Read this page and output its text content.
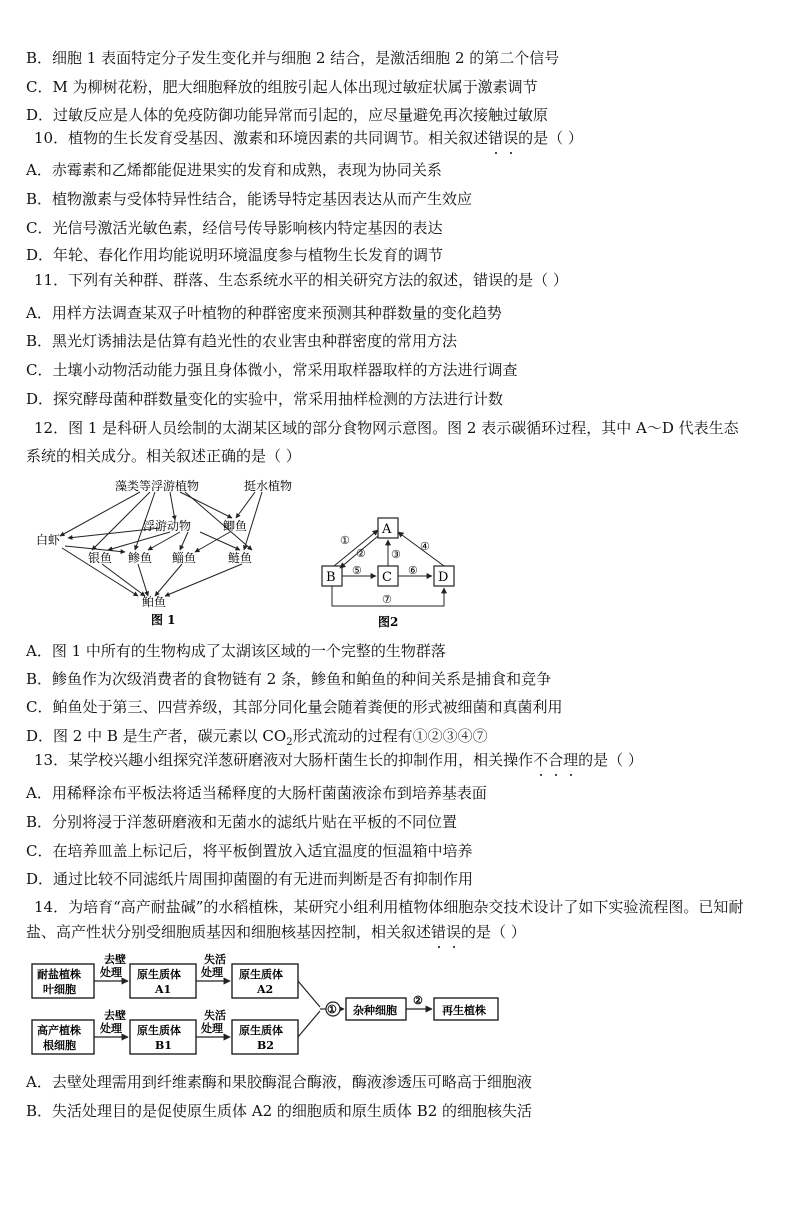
B．细胞 1 表面特定分子发生变化并与细胞 2 结合，是激活细胞 2 的第二个信号
C．M 为柳树花粉，肥大细胞释放的组胺引起人体出现过敏症状属于激素调节
D．过敏反应是人体的免疫防御功能异常而引起的，应尽量避免再次接触过敏原
10．植物的生长发育受基因、激素和环境因素的共同调节。相关叙述错误的是（ ）
A．赤霉素和乙烯都能促进果实的发育和成熟，表现为协同关系
B．植物激素与受体特异性结合，能诱导特定基因表达从而产生效应
C．光信号激活光敏色素，经信号传导影响核内特定基因的表达
D．年轮、春化作用均能说明环境温度参与植物生长发育的调节
11．下列有关种群、群落、生态系统水平的相关研究方法的叙述，错误的是（ ）
A．用样方法调查某双子叶植物的种群密度来预测其种群数量的变化趋势
B．黑光灯诱捕法是估算有趋光性的农业害虫种群密度的常用方法
C．土壤小动物活动能力强且身体微小，常采用取样器取样的方法进行调查
D．探究酵母菌种群数量变化的实验中，常采用抽样检测的方法进行计数
12．图 1 是科研人员绘制的太湖某区域的部分食物网示意图。图 2 表示碳循环过程，其中 A～D 代表生态
系统的相关成分。相关叙述正确的是（ ）
藻类等浮游植物	挺水植物
浮游动物	鲫鱼
白虾
银鱼 鲹鱼 鲻鱼	鲢鱼
鲌鱼
图 1
A
B	C	D
①
② ③
④
⑤	⑥
⑦
图2
A．图 1 中所有的生物构成了太湖该区域的一个完整的生物群落
B．鲹鱼作为次级消费者的食物链有 2 条，鲹鱼和鲌鱼的种间关系是捕食和竞争
C．鲌鱼处于第三、四营养级，其部分同化量会随着粪便的形式被细菌和真菌利用
D．图 2 中 B 是生产者，碳元素以 $CO_2$形式流动的过程有①②③④⑦
13．某学校兴趣小组探究洋葱研磨液对大肠杆菌生长的抑制作用，相关操作不合理的是（ ）
A．用稀释涂布平板法将适当稀释度的大肠杆菌菌液涂布到培养基表面
B．分别将浸于洋葱研磨液和无菌水的滤纸片贴在平板的不同位置
C．在培养皿盖上标记后，将平板倒置放入适宜温度的恒温箱中培养
D．通过比较不同滤纸片周围抑菌圈的有无进而判断是否有抑制作用
14．为培育“高产耐盐碱”的水稻植株，某研究小组利用植物体细胞杂交技术设计了如下实验流程图。已知耐
盐、高产性状分别受细胞质基因和细胞核基因控制，相关叙述错误的是（ ）
耐盐植株
叶细胞
去壁
处理 原生质体
A1
失活
处理 原生质体
A2
高产植株
根细胞
去壁
处理 原生质体
B1
失活
处理 原生质体
B2
① 杂种细胞
②
再生植株
A．去壁处理需用到纤维素酶和果胶酶混合酶液，酶液渗透压可略高于细胞液
B．失活处理目的是促使原生质体 A2 的细胞质和原生质体 B2 的细胞核失活
